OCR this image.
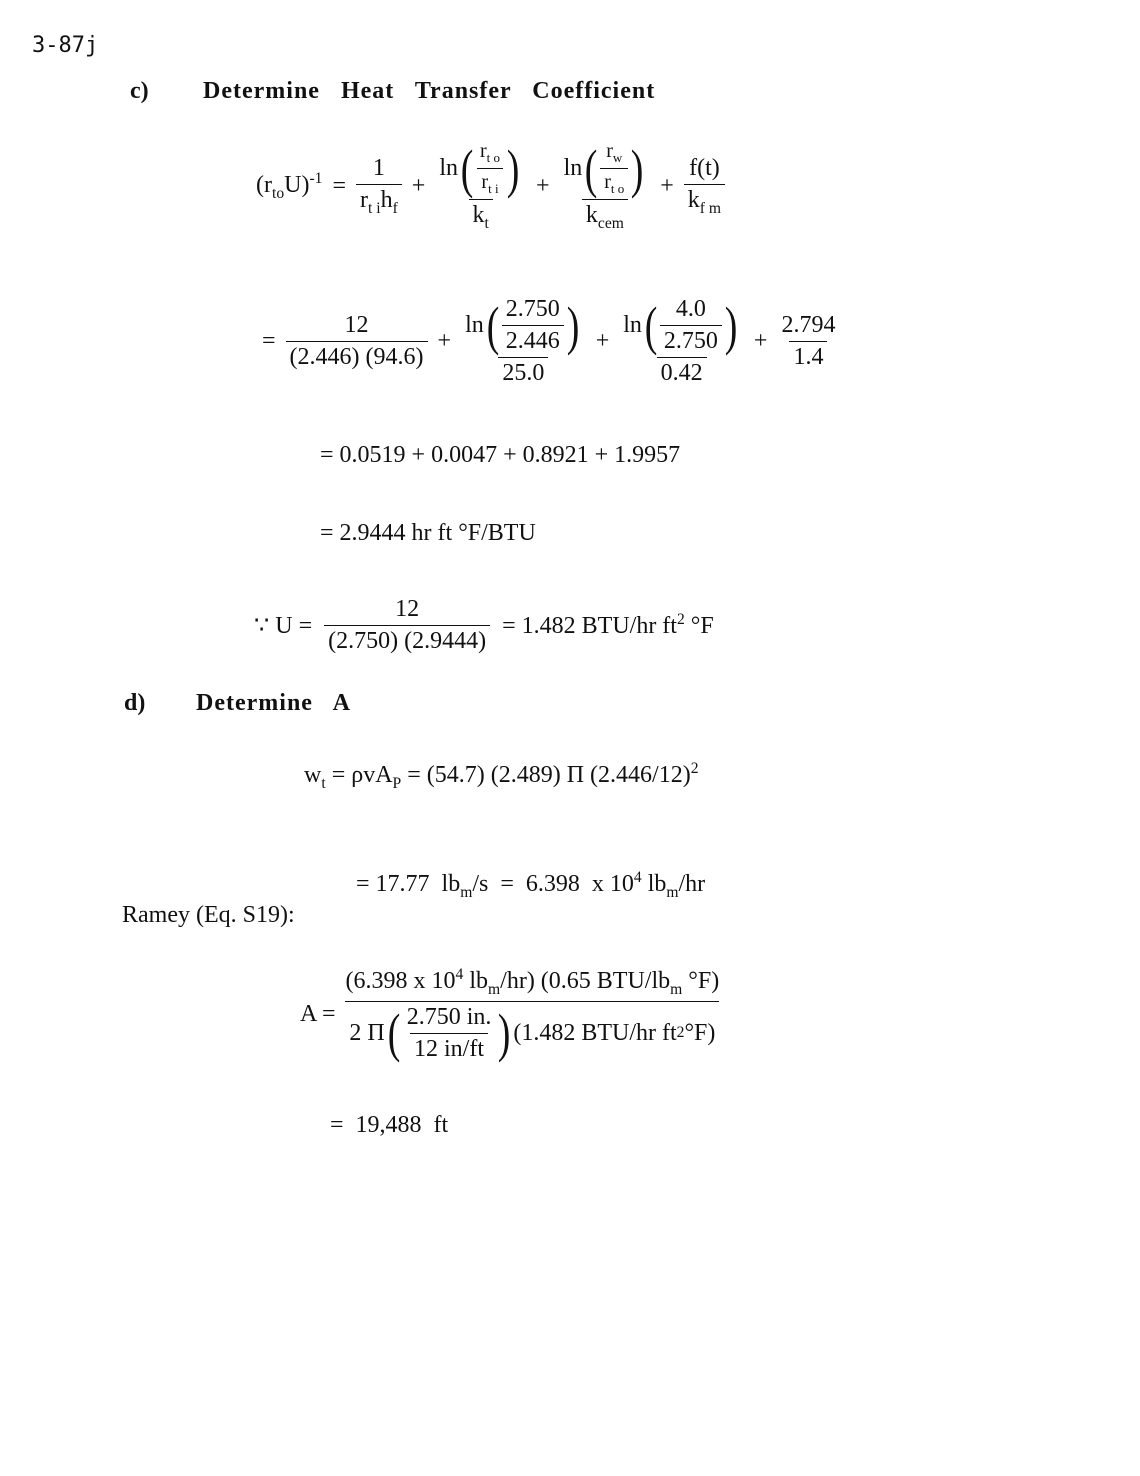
3-87j
c) Determine Heat Transfer Coefficient
$(r_{to}U)^{-1} = \frac{1}{r_{t i}h_f} + \frac{\ln ( \frac{r_{t o}}{r_{t i}} )}{k_t} + \frac{\ln ( \frac{r_w}{r_{t o}} )}{k_{cem}} + \frac{f(t)}{k_{f m}}$
= $\frac{12}{(2.446) (94.6)} + \frac{\ln ( \frac{2.750}{2.446} )}{25.0} + \frac{\ln ( \frac{4.0}{2.750} )}{0.42} + \frac{2.794}{1.4}$
= 0.0519 + 0.0047 + 0.8921 + 1.9957
= 2.9444 hr ft °F/BTU
∵ $U = \frac{12}{(2.750) (2.9444)} = 1.482$ BTU/hr $ft^2$ °F
d) Determine   A
$w_t = \rho vA_P = (54.7)$ (2.489) Π $(2.446/12)^2$

= 17.77  $lb_m/s = 6.398$  x $10^4$ $lb_m/hr$

Ramey (Eq. S19):
A =
(6.398 x $10^4$ $lb_m/hr$) (0.65 BTU/$lb_m$ °F)
2 Π ( $\frac{2.750 in.}{12 in/ft}$ ) (1.482 BTU/hr ft 2 °F)
=  19,488  ft
